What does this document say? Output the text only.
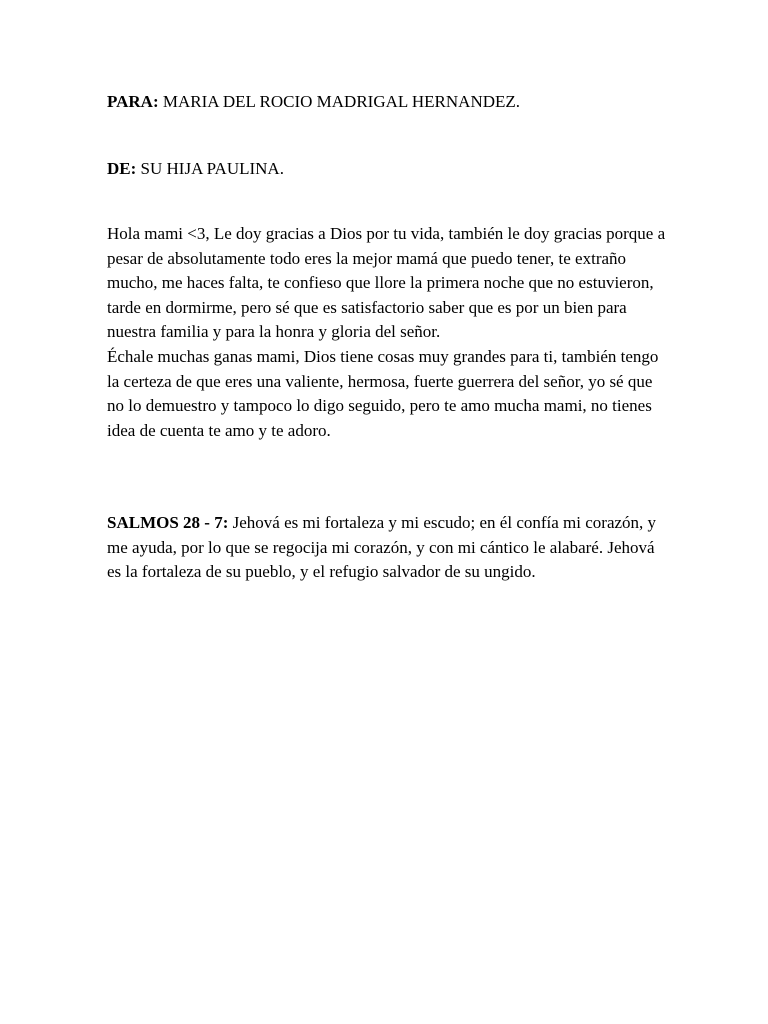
PARA: MARIA DEL ROCIO MADRIGAL HERNANDEZ.

DE: SU HIJA PAULINA.

Hola mami <3, Le doy gracias a Dios por tu vida, también le doy gracias porque a pesar de absolutamente todo eres la mejor mamá que puedo tener, te extraño mucho, me haces falta, te confieso que llore la primera noche que no estuvieron, tarde en dormirme, pero sé que es satisfactorio saber que es por un bien para nuestra familia y para la honra y gloria del señor.

Échale muchas ganas mami, Dios tiene cosas muy grandes para ti, también tengo la certeza de que eres una valiente, hermosa, fuerte guerrera del señor, yo sé que no lo demuestro y tampoco lo digo seguido, pero te amo mucha mami, no tienes idea de cuenta te amo y te adoro.

SALMOS 28 - 7: Jehová es mi fortaleza y mi escudo; en él confía mi corazón, y me ayuda, por lo que se regocija mi corazón, y con mi cántico le alabaré. Jehová es la fortaleza de su pueblo, y el refugio salvador de su ungido.
